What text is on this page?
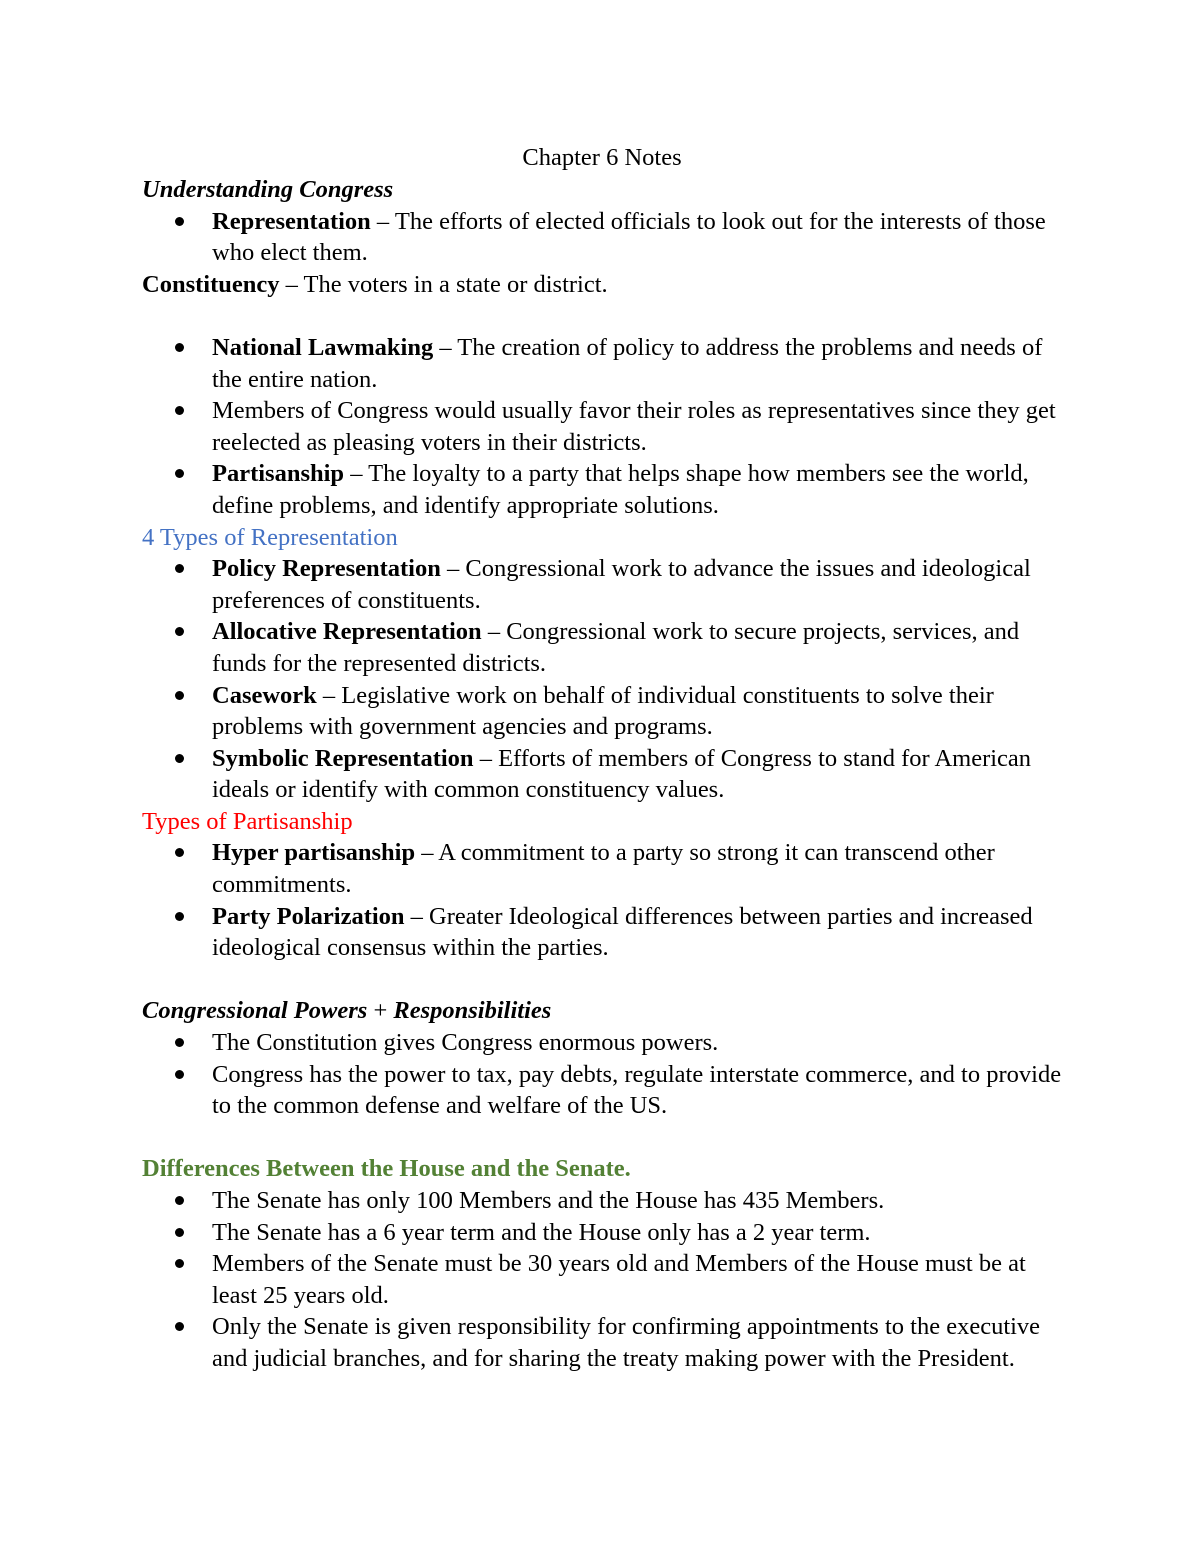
Chapter 6 Notes
Understanding Congress
Representation – The efforts of elected officials to look out for the interests of those who elect them.
Constituency – The voters in a state or district.
National Lawmaking – The creation of policy to address the problems and needs of the entire nation.
Members of Congress would usually favor their roles as representatives since they get reelected as pleasing voters in their districts.
Partisanship – The loyalty to a party that helps shape how members see the world, define problems, and identify appropriate solutions.
4 Types of Representation
Policy Representation – Congressional work to advance the issues and ideological preferences of constituents.
Allocative Representation – Congressional work to secure projects, services, and funds for the represented districts.
Casework – Legislative work on behalf of individual constituents to solve their problems with government agencies and programs.
Symbolic Representation – Efforts of members of Congress to stand for American ideals or identify with common constituency values.
Types of Partisanship
Hyper partisanship – A commitment to a party so strong it can transcend other commitments.
Party Polarization – Greater Ideological differences between parties and increased ideological consensus within the parties.
Congressional Powers + Responsibilities
The Constitution gives Congress enormous powers.
Congress has the power to tax, pay debts, regulate interstate commerce, and to provide to the common defense and welfare of the US.
Differences Between the House and the Senate.
The Senate has only 100 Members and the House has 435 Members.
The Senate has a 6 year term and the House only has a 2 year term.
Members of the Senate must be 30 years old and Members of the House must be at least 25 years old.
Only the Senate is given responsibility for confirming appointments to the executive and judicial branches, and for sharing the treaty making power with the President.
